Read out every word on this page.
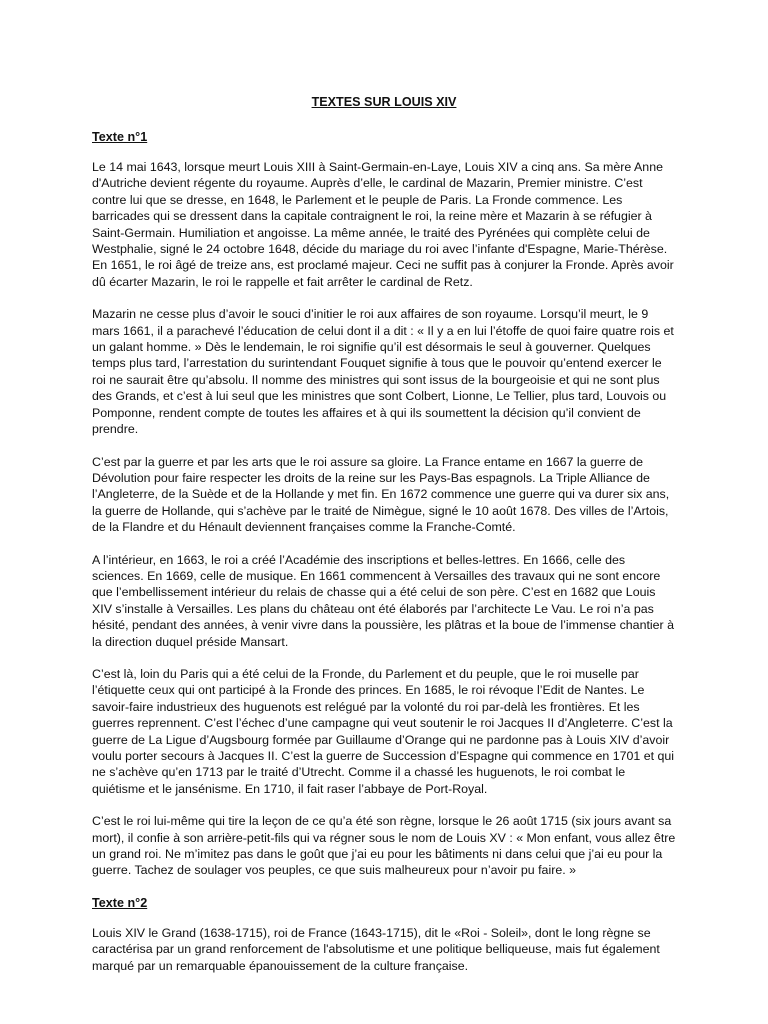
TEXTES SUR LOUIS XIV
Texte n°1

Le 14 mai 1643, lorsque meurt Louis XIII à Saint-Germain-en-Laye, Louis XIV a cinq ans. Sa mère Anne d'Autriche devient régente du royaume. Auprès d’elle, le cardinal de Mazarin, Premier ministre. C’est contre lui que se dresse, en 1648, le Parlement et le peuple de Paris. La Fronde commence. Les barricades qui se dressent dans la capitale contraignent le roi, la reine mère et Mazarin à se réfugier à Saint-Germain. Humiliation et angoisse. La même année, le traité des Pyrénées qui complète celui de Westphalie, signé le 24 octobre 1648, décide du mariage du roi avec l’infante d'Espagne, Marie-Thérèse. En 1651, le roi âgé de treize ans, est proclamé majeur. Ceci ne suffit pas à conjurer la Fronde. Après avoir dû écarter Mazarin, le roi le rappelle et fait arrêter le cardinal de Retz.

Mazarin ne cesse plus d’avoir le souci d’initier le roi aux affaires de son royaume. Lorsqu’il meurt, le 9 mars 1661, il a parachevé l’éducation de celui dont il a dit : « Il y a en lui l’étoffe de quoi faire quatre rois et un galant homme. » Dès le lendemain, le roi signifie qu’il est désormais le seul à gouverner. Quelques temps plus tard, l’arrestation du surintendant Fouquet signifie à tous que le pouvoir qu’entend exercer le roi ne saurait être qu’absolu. Il nomme des ministres qui sont issus de la bourgeoisie et qui ne sont plus des Grands, et c’est à lui seul que les ministres que sont Colbert, Lionne, Le Tellier, plus tard, Louvois ou Pomponne, rendent compte de toutes les affaires et à qui ils soumettent la décision qu’il convient de prendre.

C’est par la guerre et par les arts que le roi assure sa gloire. La France entame en 1667 la guerre de Dévolution pour faire respecter les droits de la reine sur les Pays-Bas espagnols. La Triple Alliance de l’Angleterre, de la Suède et de la Hollande y met fin. En 1672 commence une guerre qui va durer six ans, la guerre de Hollande, qui s’achève par le traité de Nimègue, signé le 10 août 1678. Des villes de l’Artois, de la Flandre et du Hénault deviennent françaises comme la Franche-Comté.

A l’intérieur, en 1663, le roi a créé l’Académie des inscriptions et belles-lettres. En 1666, celle des sciences. En 1669, celle de musique. En 1661 commencent à Versailles des travaux qui ne sont encore que l’embellissement intérieur du relais de chasse qui a été celui de son père. C’est en 1682 que Louis XIV s’installe à Versailles. Les plans du château ont été élaborés par l’architecte Le Vau. Le roi n’a pas hésité, pendant des années, à venir vivre dans la poussière, les plâtras et la boue de l’immense chantier à la direction duquel préside Mansart.

C’est là, loin du Paris qui a été celui de la Fronde, du Parlement et du peuple, que le roi muselle par l’étiquette ceux qui ont participé à la Fronde des princes. En 1685, le roi révoque l’Edit de Nantes. Le savoir-faire industrieux des huguenots est relégué par la volonté du roi par-delà les frontières. Et les guerres reprennent. C’est l’échec d’une campagne qui veut soutenir le roi Jacques II d’Angleterre. C’est la guerre de La Ligue d’Augsbourg formée par Guillaume d’Orange qui ne pardonne pas à Louis XIV d’avoir voulu porter secours à Jacques II. C’est la guerre de Succession d’Espagne qui commence en 1701 et qui ne s’achève qu’en 1713 par le traité d’Utrecht. Comme il a chassé les huguenots, le roi combat le quiétisme et le jansénisme. En 1710, il fait raser l’abbaye de Port-Royal.

C’est le roi lui-même qui tire la leçon de ce qu’a été son règne, lorsque le 26 août 1715 (six jours avant sa mort), il confie à son arrière-petit-fils qui va régner sous le nom de Louis XV : « Mon enfant, vous allez être un grand roi. Ne m’imitez pas dans le goût que j’ai eu pour les bâtiments ni dans celui que j’ai eu pour la guerre. Tachez de soulager vos peuples, ce que suis malheureux pour n’avoir pu faire. »

Texte n°2

Louis XIV le Grand (1638-1715), roi de France (1643-1715), dit le «Roi - Soleil», dont le long règne se caractérisa par un grand renforcement de l'absolutisme et une politique belliqueuse, mais fut également marqué par un remarquable épanouissement de la culture française.
